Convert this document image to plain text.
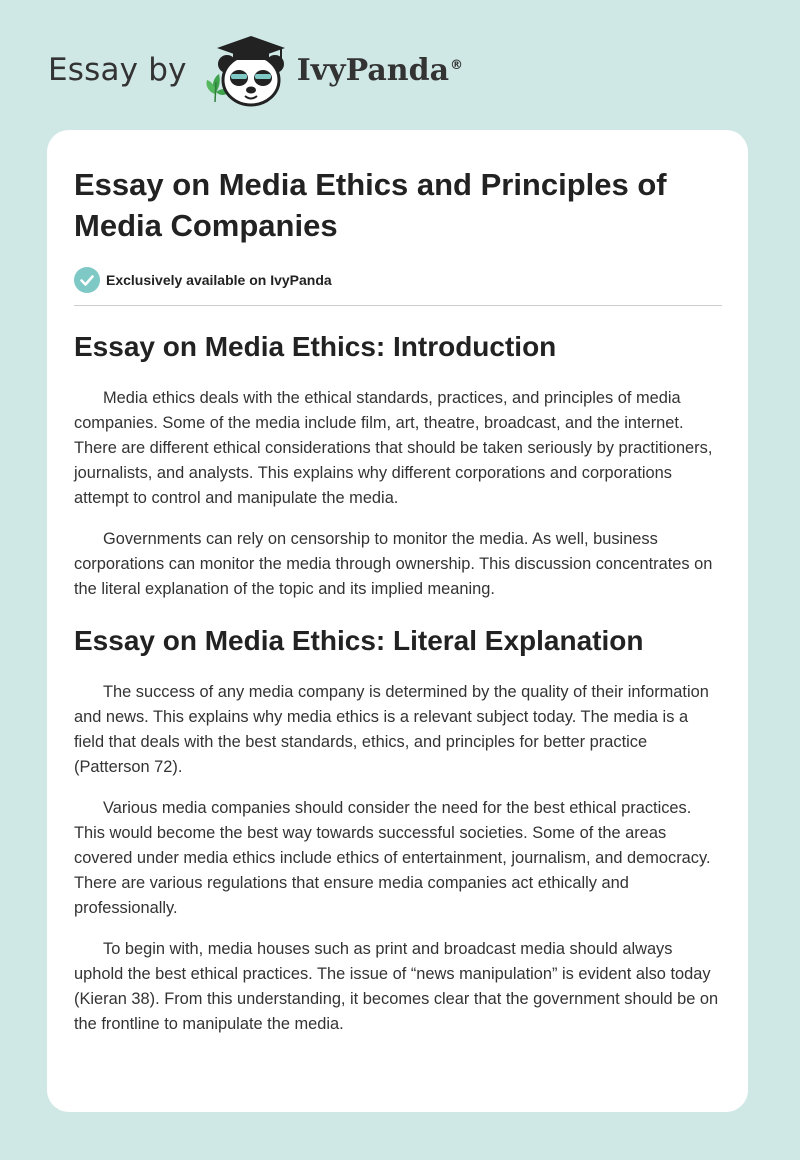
Essay by	IvyPanda®
Essay on Media Ethics and Principles of Media Companies
Exclusively available on IvyPanda
Essay on Media Ethics: Introduction

Media ethics deals with the ethical standards, practices, and principles of media companies. Some of the media include film, art, theatre, broadcast, and the internet. There are different ethical considerations that should be taken seriously by practitioners, journalists, and analysts. This explains why different corporations and corporations attempt to control and manipulate the media.

Governments can rely on censorship to monitor the media. As well, business corporations can monitor the media through ownership. This discussion concentrates on the literal explanation of the topic and its implied meaning.

Essay on Media Ethics: Literal Explanation

The success of any media company is determined by the quality of their information and news. This explains why media ethics is a relevant subject today. The media is a field that deals with the best standards, ethics, and principles for better practice (Patterson 72).

Various media companies should consider the need for the best ethical practices. This would become the best way towards successful societies. Some of the areas covered under media ethics include ethics of entertainment, journalism, and democracy. There are various regulations that ensure media companies act ethically and professionally.

To begin with, media houses such as print and broadcast media should always uphold the best ethical practices. The issue of “news manipulation” is evident also today (Kieran 38). From this understanding, it becomes clear that the government should be on the frontline to manipulate the media.
